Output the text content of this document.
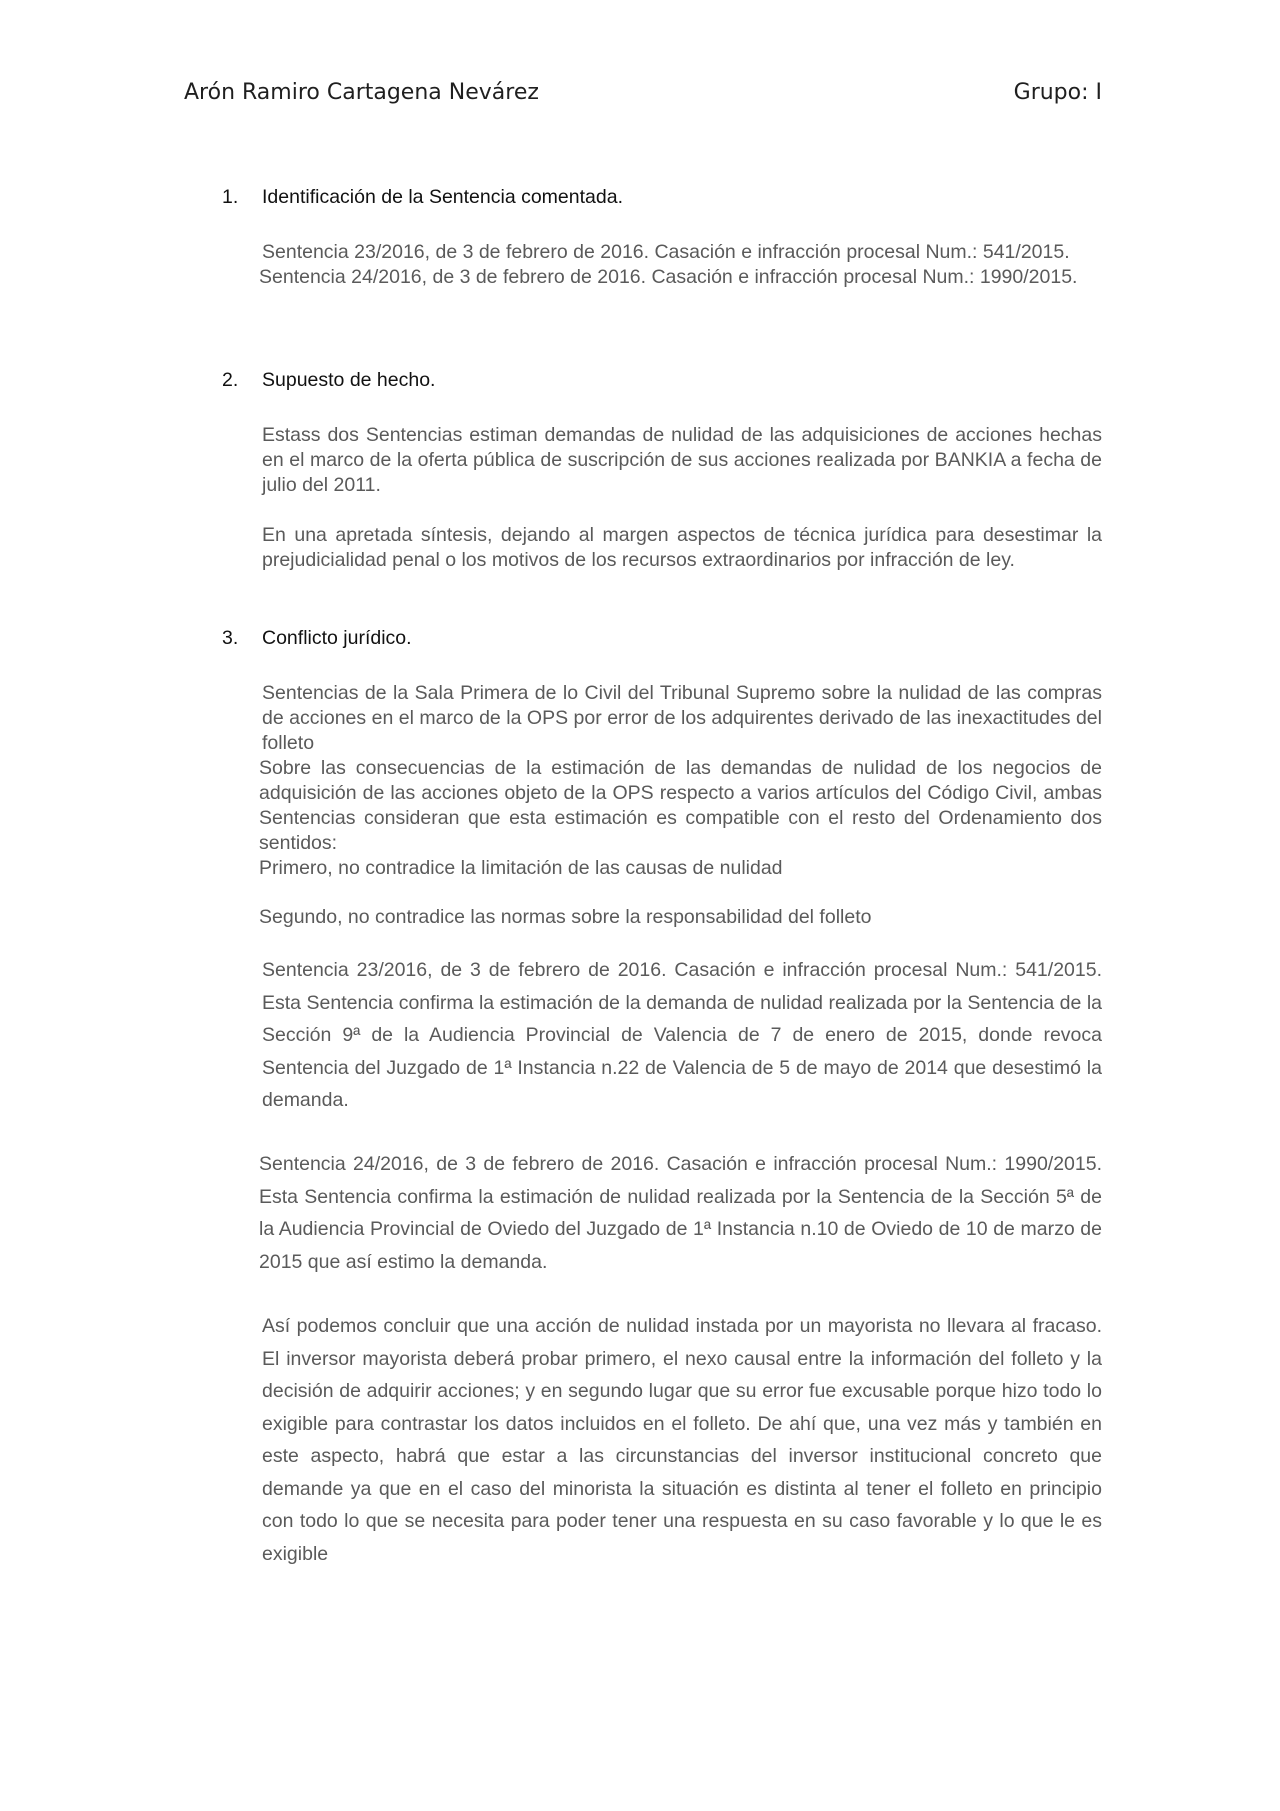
Arón Ramiro Cartagena Nevárez	Grupo: I
1. Identificación de la Sentencia comentada.

Sentencia 23/2016, de 3 de febrero de 2016. Casación e infracción procesal Num.: 541/2015.

Sentencia 24/2016, de 3 de febrero de 2016. Casación e infracción procesal Num.: 1990/2015.

2. Supuesto de hecho.

Estass dos Sentencias estiman demandas de nulidad de las adquisiciones de acciones hechas en el marco de la oferta pública de suscripción de sus acciones realizada por BANKIA a fecha de julio del 2011.

En una apretada síntesis, dejando al margen aspectos de técnica jurídica para desestimar la prejudicialidad penal o los motivos de los recursos extraordinarios por infracción de ley.

3. Conflicto jurídico.

Sentencias de la Sala Primera de lo Civil del Tribunal Supremo sobre la nulidad de las compras de acciones en el marco de la OPS por error de los adquirentes derivado de las inexactitudes del folleto

Sobre las consecuencias de la estimación de las demandas de nulidad de los negocios de adquisición de las acciones objeto de la OPS respecto a varios artículos del Código Civil, ambas Sentencias consideran que esta estimación es compatible con el resto del Ordenamiento dos sentidos:

Primero, no contradice la limitación de las causas de nulidad

Segundo, no contradice las normas sobre la responsabilidad del folleto

Sentencia 23/2016, de 3 de febrero de 2016. Casación e infracción procesal Num.: 541/2015. Esta Sentencia confirma la estimación de la demanda de nulidad realizada por la Sentencia de la Sección 9ª de la Audiencia Provincial de Valencia de 7 de enero de 2015, donde revoca Sentencia del Juzgado de 1ª Instancia n.22 de Valencia de 5 de mayo de 2014 que desestimó la demanda.

Sentencia 24/2016, de 3 de febrero de 2016. Casación e infracción procesal Num.: 1990/2015. Esta Sentencia confirma la estimación de nulidad realizada por la Sentencia de la Sección 5ª de la Audiencia Provincial de Oviedo del Juzgado de 1ª Instancia n.10 de Oviedo de 10 de marzo de 2015 que así estimo la demanda.

Así podemos concluir que una acción de nulidad instada por un mayorista no llevara al fracaso. El inversor mayorista deberá probar primero, el nexo causal entre la información del folleto y la decisión de adquirir acciones; y en segundo lugar que su error fue excusable porque hizo todo lo exigible para contrastar los datos incluidos en el folleto. De ahí que, una vez más y también en este aspecto, habrá que estar a las circunstancias del inversor institucional concreto que demande ya que en el caso del minorista la situación es distinta al tener el folleto en principio con todo lo que se necesita para poder tener una respuesta en su caso favorable y lo que le es exigible
